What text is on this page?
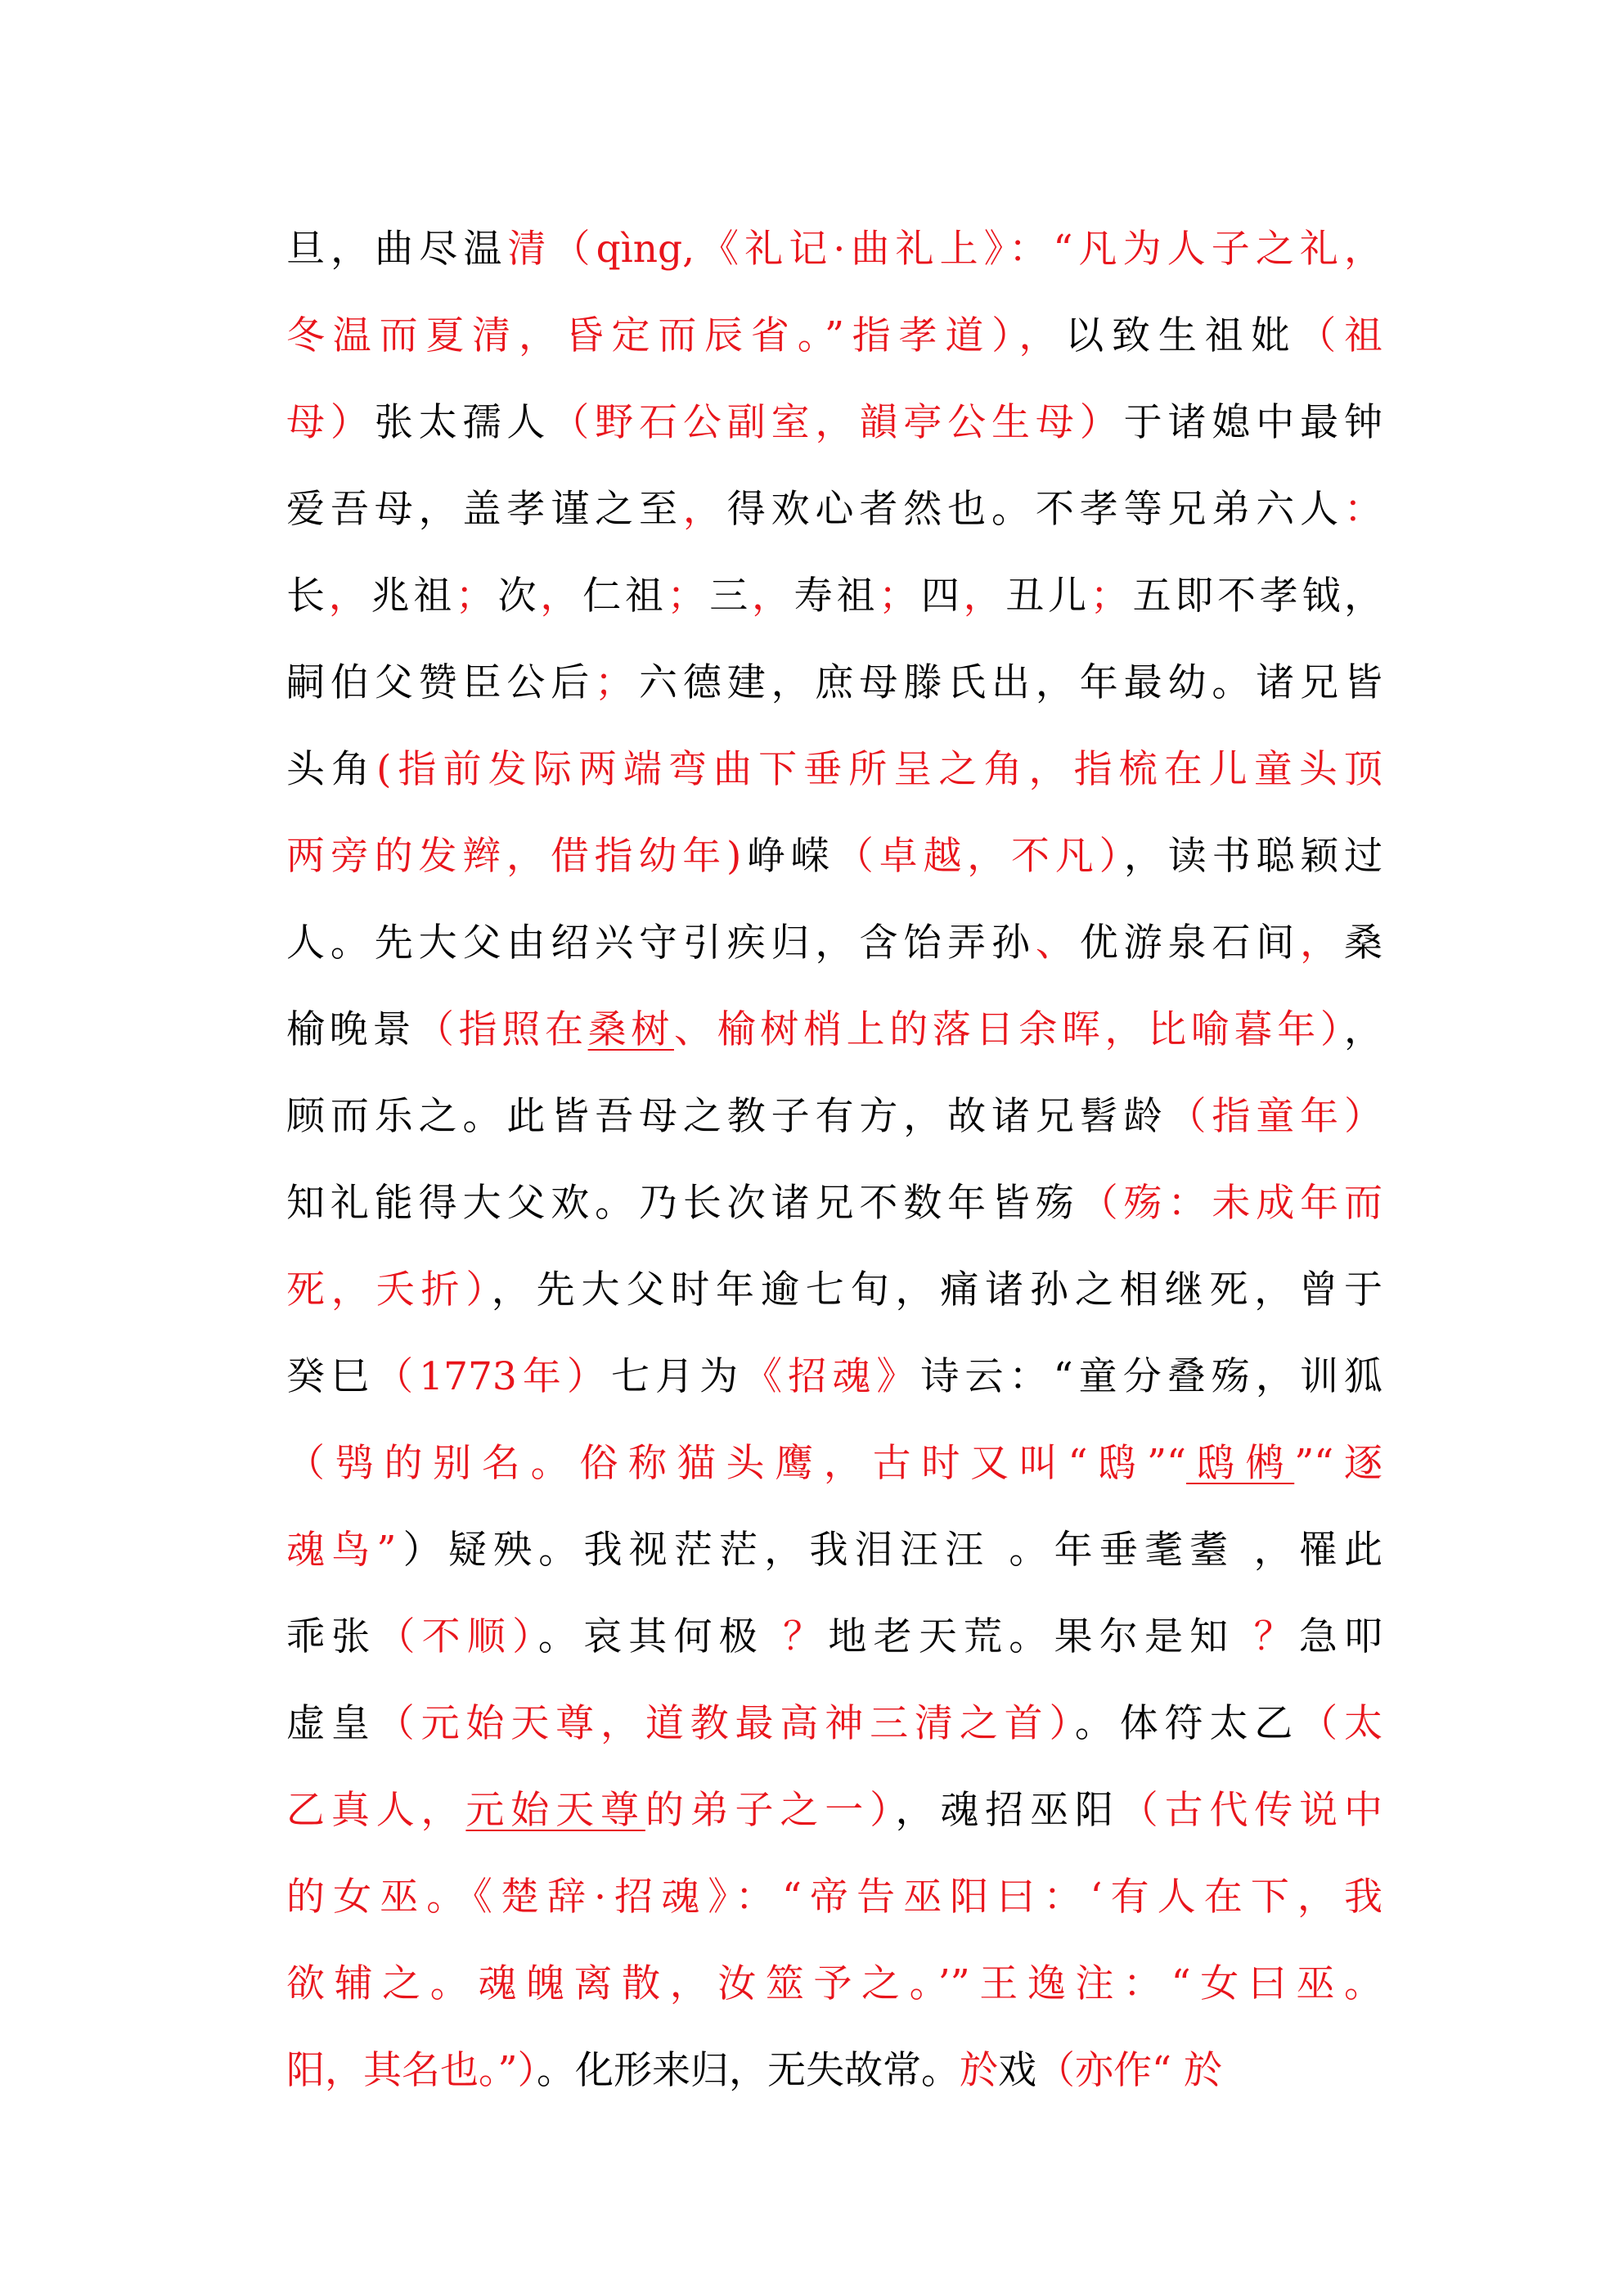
旦，曲尽温清（qìng,《礼记·曲礼上》：“凡为人子之礼，
冬温而夏清，昏定而辰省。”指孝道），以致生祖妣（祖
母）张太孺人（野石公副室，韻亭公生母）于诸媳中最钟
爱吾母，盖孝谨之至，得欢心者然也。不孝等兄弟六人：
长，兆祖；次，仁祖；三，寿祖；四，丑儿；五即不孝钺，
嗣伯父赞臣公后；六德建，庶母滕氏出，年最幼。诸兄皆
头角(指前发际两端弯曲下垂所呈之角，指梳在儿童头顶
两旁的发辫，借指幼年)峥嵘（卓越，不凡），读书聪颖过
人。先大父由绍兴守引疾归，含饴弄孙、优游泉石间，桑
榆晚景（指照在桑树、榆树梢上的落日余晖，比喻暮年），
顾而乐之。此皆吾母之教子有方，故诸兄髫龄（指童年）
知礼能得大父欢。乃长次诸兄不数年皆殇（殇：未成年而
死，夭折），先大父时年逾七旬，痛诸孙之相继死，曾于
癸巳（1773年）七月为《招魂》诗云：“童分叠殇，训狐
（鸮的别名。俗称猫头鹰，古时又叫“鸱”“鸱鸺”“逐
魂鸟”）疑殃。我视茫茫，我泪汪汪 。年垂耄耋 ，罹此
乖张（不顺）。哀其何极 ？地老天荒。果尔是知 ？急叩
虚皇（元始天尊，道教最高神三清之首）。体符太乙（太
乙真人，元始天尊的弟子之一），魂招巫阳（古代传说中
的女巫。《楚辞·招魂》：“帝告巫阳曰：‘有人在下，我
欲辅之。魂魄离散，汝筮予之。’”王逸注：“女曰巫。
阳，其名也。”）。化形来归，无失故常。於戏（亦作“ 於
